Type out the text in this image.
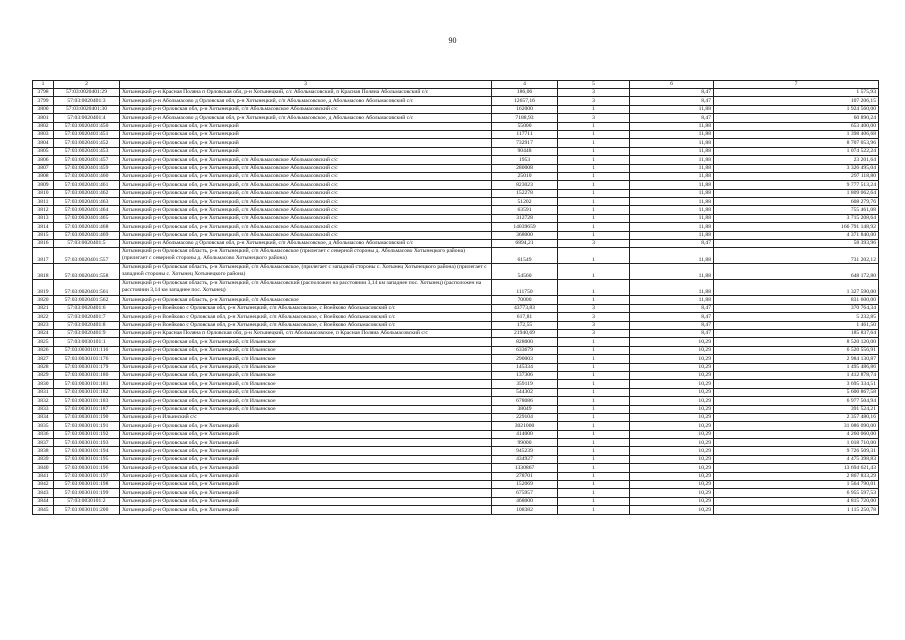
90
1	2	3	4	5	6	7
3798	57:03:0020401:29	Хотынецкий р-н Красная Поляна п Орловская обл, р-н Хотынецкий, с/с Абольмасовский, п Красная Поляна Абольмасовский с/с	186,06	3	8,47	1 575,93
3799	57:03:0020401:3	Хотынецкий р-н Абольмасово д Орловская обл, р-н Хотынецкий, с/п Абольмасовское, д Абольмасово Абольмасовский с/с	12657,16	3	8,47	107 206,15
3800	57:03:0020401:30	Хотынецкий р-н Орловская обл, р-н Хотынецкий, с/п Абольмасовское Абольмасовский с/с	162000	1	11,88	1 924 560,00
3801	57:03:0020401:4	Хотынецкий р-н Абольмасово д Орловская обл, р-н Хотынецкий, с/п Абольмасовское, д Абольмасово Абольмасовский с/с	7188,93	3	8,47	60 890,24
3802	57:03:0020401:450	Хотынецкий р-н Орловская обл, р-н Хотынецкий	55000	1	11,88	653 400,00
3803	57:03:0020401:451	Хотынецкий р-н Орловская обл, р-н Хотынецкий	117711	1	11,88	1 398 406,68
3804	57:03:0020401:452	Хотынецкий р-н Орловская обл, р-н Хотынецкий	732917	1	11,88	8 707 053,96
3805	57:03:0020401:453	Хотынецкий р-н Орловская обл, р-н Хотынецкий	90448	1	11,88	1 074 522,24
3806	57:03:0020401:457	Хотынецкий р-н Орловская обл, р-н Хотынецкий, с/п Абольмасовское Абольмасовский с/с	1953	1	11,88	23 201,64
3807	57:03:0020401:459	Хотынецкий р-н Орловская обл, р-н Хотынецкий, с/п Абольмасовское Абольмасовский с/с	280008	1	11,88	3 326 495,04
3808	57:03:0020401:460	Хотынецкий р-н Орловская обл, р-н Хотынецкий, с/п Абольмасовское Абольмасовский с/с	25010	1	11,88	297 118,80
3809	57:03:0020401:461	Хотынецкий р-н Орловская обл, р-н Хотынецкий, с/п Абольмасовское Абольмасовский с/с	823023	1	11,88	9 777 513,24
3810	57:03:0020401:462	Хотынецкий р-н Орловская обл, р-н Хотынецкий, с/п Абольмасовское Абольмасовский с/с	152278	1	11,88	1 809 062,64
3811	57:03:0020401:463	Хотынецкий р-н Орловская обл, р-н Хотынецкий, с/п Абольмасовское Абольмасовский с/с	51202	1	11,88	608 279,76
3812	57:03:0020401:464	Хотынецкий р-н Орловская обл, р-н Хотынецкий, с/п Абольмасовское Абольмасовский с/с	63591	1	11,88	755 461,08
3813	57:03:0020401:465	Хотынецкий р-н Орловская обл, р-н Хотынецкий, с/п Абольмасовское Абольмасовский с/с	312728	1	11,88	3 715 208,64
3814	57:03:0020401:468	Хотынецкий р-н Орловская обл, р-н Хотынецкий, с/п Абольмасовское Абольмасовский с/с	14039659	1	11,88	166 791 148,92
3815	57:03:0020401:469	Хотынецкий р-н Орловская обл, р-н Хотынецкий, с/п Абольмасовское Абольмасовский с/с	368000	1	11,88	4 371 840,00
3816	57:03:0020401:5	Хотынецкий р-н Абольмасово д Орловская обл, р-н Хотынецкий, с/п Абольмасовское, д Абольмасово Абольмасовский с/с	6894,21	3	8,47	58 393,96
3817	57:03:0020401:557	Хотынецкий р-н Орловская область, р-н Хотынецкий, с/п Абольмасовское (прилегает с северной стороны д. Абольмасово Хотынецкого района) (прилегает с северной стороны д. Абольмасово Хотынецкого района)	61549	1	11,88	731 202,12
3818	57:03:0020401:558	Хотынецкий р-н Орловская область, р-н Хотынецкий, с/п Абольмасовское, (прилегает с западной стороны с. Хотынец Хотынецкого района) (прилегает с западной стороны с. Хотынец Хотынецкого района)	54560	1	11,88	648 172,80
3819	57:03:0020401:561	Хотынецкий р-н Орловская область, р-н Хотынецкий, с/п Абольмасовский (расположен на расстоянии 3,14 км западнее пос. Хотынец) (расположен на расстоянии 3,14 км западнее пос. Хотынец)	111750	1	11,88	1 327 590,00
3820	57:03:0020401:562	Хотынецкий р-н Орловская область, р-н Хотынецкий, с/п Абольмасовское	70000	1	11,88	831 600,00
3821	57:03:0020401:6	Хотынецкий р-н Воейково с Орловская обл, р-н Хотынецкий, с/п Абольмасовское, с Воейково Абольмасовский с/с	43773,83	3	8,47	370 764,34
3822	57:03:0020401:7	Хотынецкий р-н Воейково с Орловская обл, р-н Хотынецкий, с/п Абольмасовское, с Воейково Абольмасовский с/с	617,81	3	8,47	5 232,85
3823	57:03:0020401:8	Хотынецкий р-н Воейково с Орловская обл, р-н Хотынецкий, с/п Абольмасовское, с Воейково Абольмасовский с/с	172,55	3	8,47	1 461,50
3824	57:03:0020401:9	Хотынецкий р-н Красная Поляна п Орловская обл, р-н Хотынецкий, с/п Абольмасовское, п Красная Поляна Абольмасовский с/с	21940,69	3	8,47	185 837,64
3825	57:03:0030101:1	Хотынецкий р-н Орловская обл, р-н Хотынецкий, с/п Ильинское	828000	1	10,29	8 520 120,00
3826	57:03:0030101:116	Хотынецкий р-н Орловская обл, р-н Хотынецкий, с/п Ильинское	633679	1	10,29	6 520 556,91
3827	57:03:0030101:176	Хотынецкий р-н Орловская обл, р-н Хотынецкий, с/п Ильинское	290003	1	10,29	2 984 130,87
3828	57:03:0030101:179	Хотынецкий р-н Орловская обл, р-н Хотынецкий, с/п Ильинское	145334	1	10,29	1 495 486,86
3829	57:03:0030101:180	Хотынецкий р-н Орловская обл, р-н Хотынецкий, с/п Ильинское	137306	1	10,29	1 412 878,74
3830	57:03:0030101:181	Хотынецкий р-н Орловская обл, р-н Хотынецкий, с/п Ильинское	359119	1	10,29	3 695 334,51
3831	57:03:0030101:182	Хотынецкий р-н Орловская обл, р-н Хотынецкий, с/п Ильинское	544302	1	10,29	5 600 867,58
3832	57:03:0030101:183	Хотынецкий р-н Орловская обл, р-н Хотынецкий, с/п Ильинское	678086	1	10,29	6 977 504,94
3833	57:03:0030101:187	Хотынецкий р-н Орловская обл, р-н Хотынецкий, с/п Ильинское	38049	1	10,29	391 524,21
3834	57:03:0030101:190	Хотынецкий р-н Ильинский с/с	229104	1	10,29	2 357 480,16
3835	57:03:0030101:191	Хотынецкий р-н Орловская обл, р-н Хотынецкий	3021000	1	10,29	31 086 090,00
3836	57:03:0030101:192	Хотынецкий р-н Орловская обл, р-н Хотынецкий	414000	1	10,29	4 260 060,00
3837	57:03:0030101:193	Хотынецкий р-н Орловская обл, р-н Хотынецкий	99000	1	10,29	1 018 710,00
3838	57:03:0030101:194	Хотынецкий р-н Орловская обл, р-н Хотынецкий	945239	1	10,29	9 726 509,31
3839	57:03:0030101:195	Хотынецкий р-н Орловская обл, р-н Хотынецкий	434927	1	10,29	4 475 398,83
3840	57:03:0030101:196	Хотынецкий р-н Орловская обл, р-н Хотынецкий	1330867	1	10,29	13 694 621,43
3841	57:03:0030101:197	Хотынецкий р-н Орловская обл, р-н Хотынецкий	278701	1	10,29	2 867 833,29
3842	57:03:0030101:198	Хотынецкий р-н Орловская обл, р-н Хотынецкий	152069	1	10,29	1 564 790,01
3843	57:03:0030101:199	Хотынецкий р-н Орловская обл, р-н Хотынецкий	675957	1	10,29	6 955 597,53
3844	57:03:0030101:2	Хотынецкий р-н Орловская обл, р-н Хотынецкий	468000	1	10,29	4 815 720,00
3845	57:03:0030101:200	Хотынецкий р-н Орловская обл, р-н Хотынецкий	108382	1	10,29	1 115 250,78
